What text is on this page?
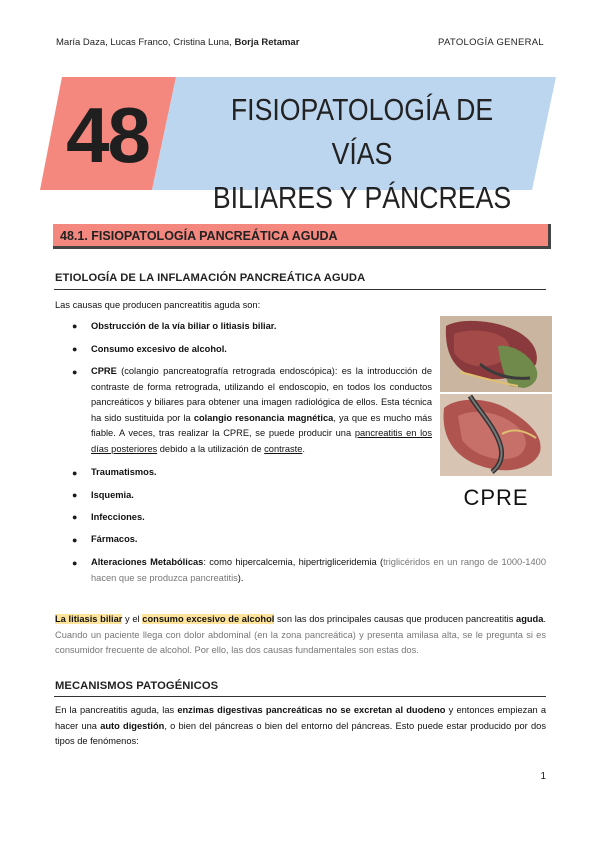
María Daza, Lucas Franco, Cristina Luna, Borja Retamar	PATOLOGÍA GENERAL
48	FISIOPATOLOGÍA DE VÍAS
BILIARES Y PÁNCREAS
48.1. FISIOPATOLOGÍA PANCREÁTICA AGUDA
ETIOLOGÍA DE LA INFLAMACIÓN PANCREÁTICA AGUDA
Las causas que producen pancreatitis aguda son:
● Obstrucción de la vía biliar o litiasis biliar.
● Consumo excesivo de alcohol.
● CPRE (colangio pancreatografía retrograda endoscópica): es la introducción de contraste de forma retrograda, utilizando el endoscopio, en todos los conductos pancreáticos y biliares para obtener una imagen radiológica de ellos. Esta técnica ha sido sustituida por la colangio resonancia magnética, ya que es mucho más fiable. A veces, tras realizar la CPRE, se puede producir una pancreatitis en los días posteriores debido a la utilización de contraste.
● Traumatismos.
● Isquemia.
● Infecciones.
● Fármacos.
● Alteraciones Metabólicas: como hipercalcemia, hipertrigliceridemia (triglicéridos en un rango de 1000-1400 hacen que se produzca pancreatitis).
CPRE
La litiasis biliar y el consumo excesivo de alcohol son las dos principales causas que producen pancreatitis aguda. Cuando un paciente llega con dolor abdominal (en la zona pancreática) y presenta amilasa alta, se le pregunta si es consumidor frecuente de alcohol. Por ello, las dos causas fundamentales son estas dos.
MECANISMOS PATOGÉNICOS
En la pancreatitis aguda, las enzimas digestivas pancreáticas no se excretan al duodeno y entonces empiezan a hacer una auto digestión, o bien del páncreas o bien del entorno del páncreas. Esto puede estar producido por dos tipos de fenómenos:
1
